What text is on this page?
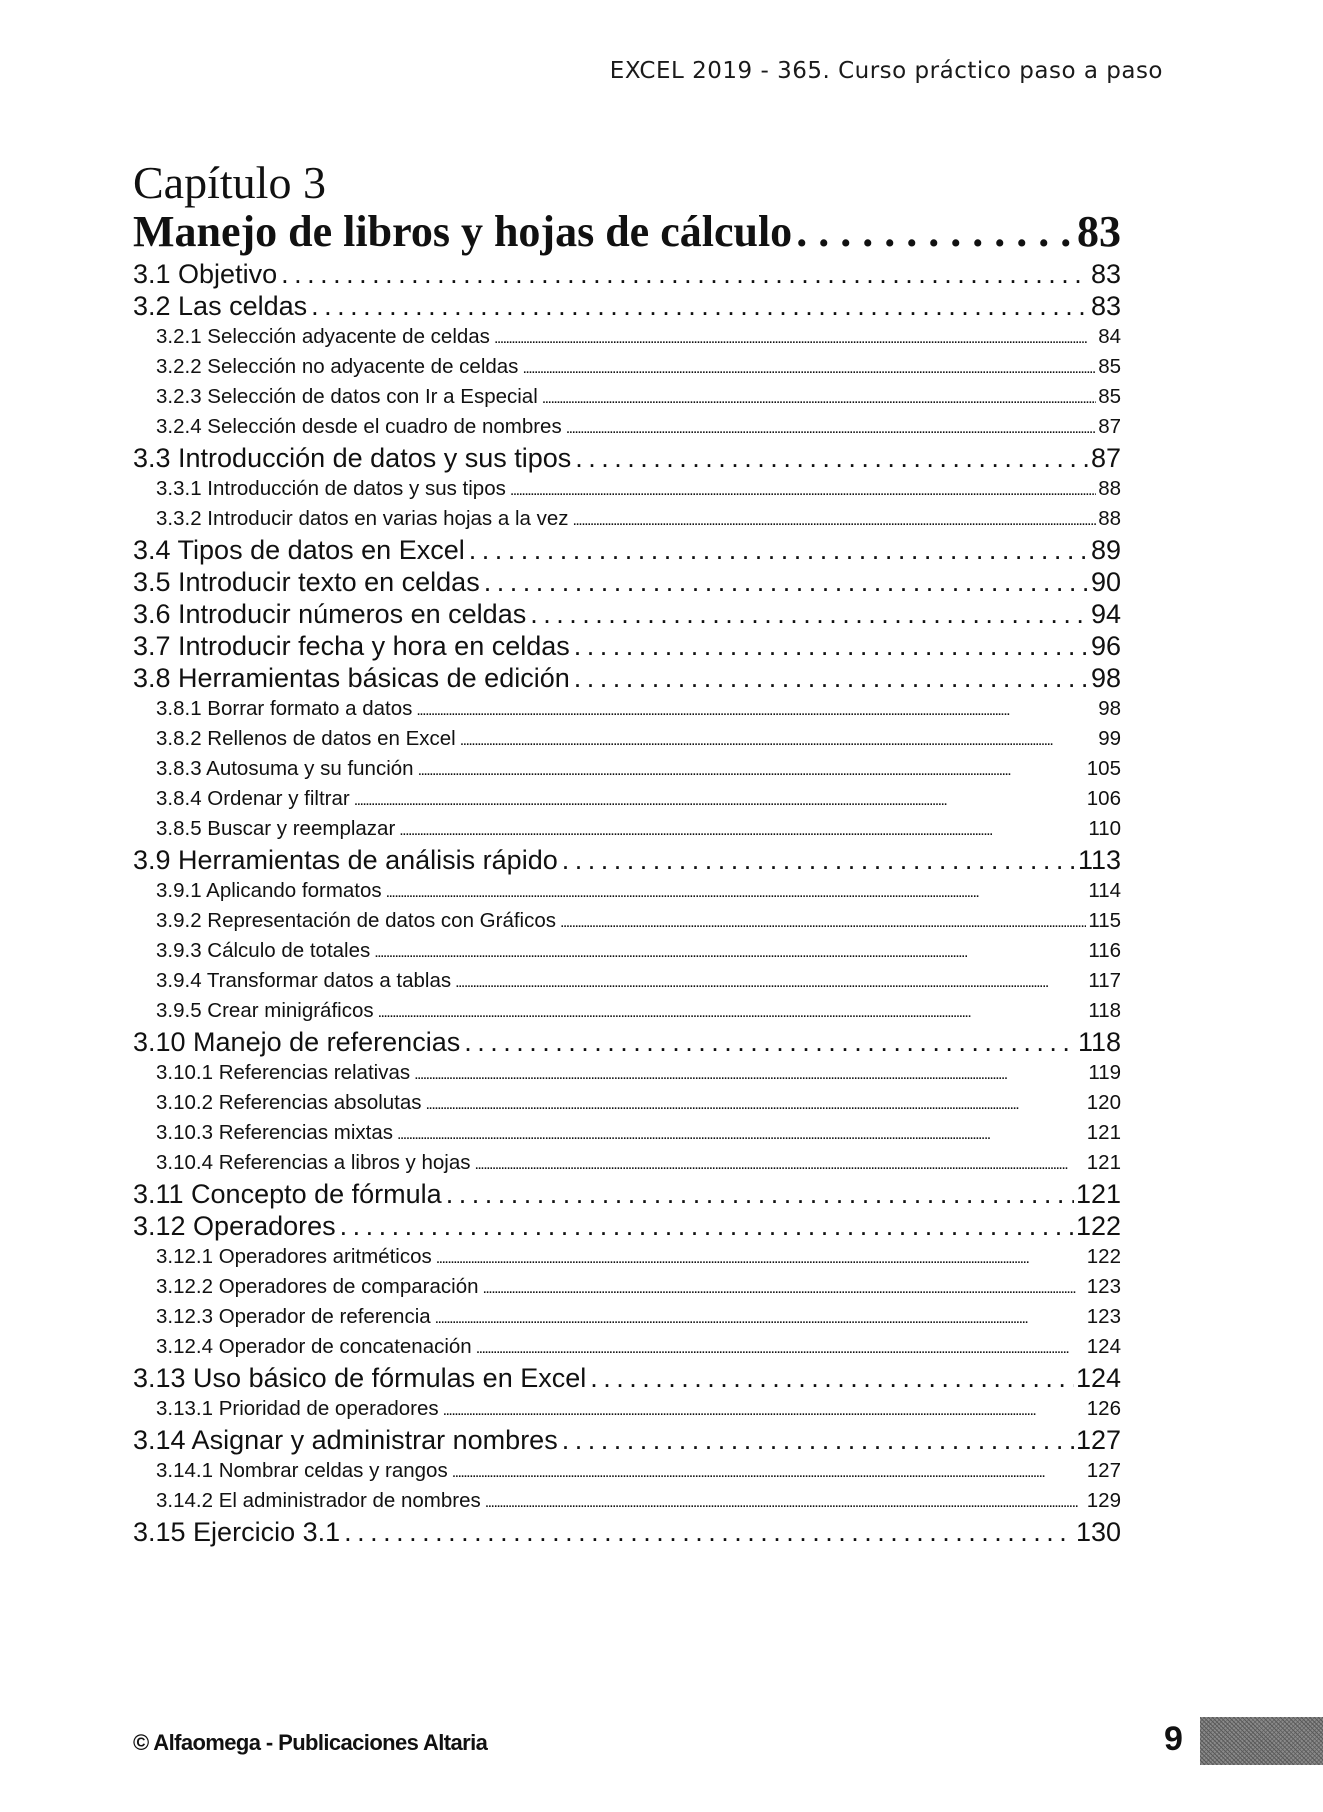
EXCEL 2019 - 365. Curso práctico paso a paso
Capítulo 3
Manejo de libros y hojas de cálculo . . .	83
3.1 Objetivo . . .	83
3.2 Las celdas . . .	83
3.2.1 Selección adyacente de celdas . . .	84
3.2.2 Selección no adyacente de celdas . . .	85
3.2.3 Selección de datos con Ir a Especial . . .	85
3.2.4 Selección desde el cuadro de nombres . . .	87
3.3 Introducción de datos y sus tipos . . .	87
3.3.1 Introducción de datos y sus tipos . . .	88
3.3.2 Introducir datos en varias hojas a la vez . . .	88
3.4 Tipos de datos en Excel . . .	89
3.5 Introducir texto en celdas . . .	90
3.6 Introducir números en celdas . . .	94
3.7 Introducir fecha y hora en celdas . . .	96
3.8 Herramientas básicas de edición . . .	98
3.8.1 Borrar formato a datos . . .	98
3.8.2 Rellenos de datos en Excel . . .	99
3.8.3 Autosuma y su función . . .	105
3.8.4 Ordenar y filtrar . . .	106
3.8.5 Buscar y reemplazar . . .	110
3.9 Herramientas de análisis rápido . . .	113
3.9.1 Aplicando formatos . . .	114
3.9.2 Representación de datos con Gráficos . . .	115
3.9.3 Cálculo de totales . . .	116
3.9.4 Transformar datos a tablas . . .	117
3.9.5 Crear minigráficos . . .	118
3.10 Manejo de referencias . . .	118
3.10.1 Referencias relativas . . .	119
3.10.2 Referencias absolutas . . .	120
3.10.3 Referencias mixtas . . .	121
3.10.4 Referencias a libros y hojas . . .	121
3.11 Concepto de fórmula . . .	121
3.12 Operadores . . .	122
3.12.1 Operadores aritméticos . . .	122
3.12.2 Operadores de comparación . . .	123
3.12.3 Operador de referencia . . .	123
3.12.4 Operador de concatenación . . .	124
3.13 Uso básico de fórmulas en Excel . . .	124
3.13.1 Prioridad de operadores . . .	126
3.14 Asignar y administrar nombres . . .	127
3.14.1 Nombrar celdas y rangos . . .	127
3.14.2 El administrador de nombres . . .	129
3.15 Ejercicio 3.1 . . .	130
© Alfaomega - Publicaciones Altaria	9
